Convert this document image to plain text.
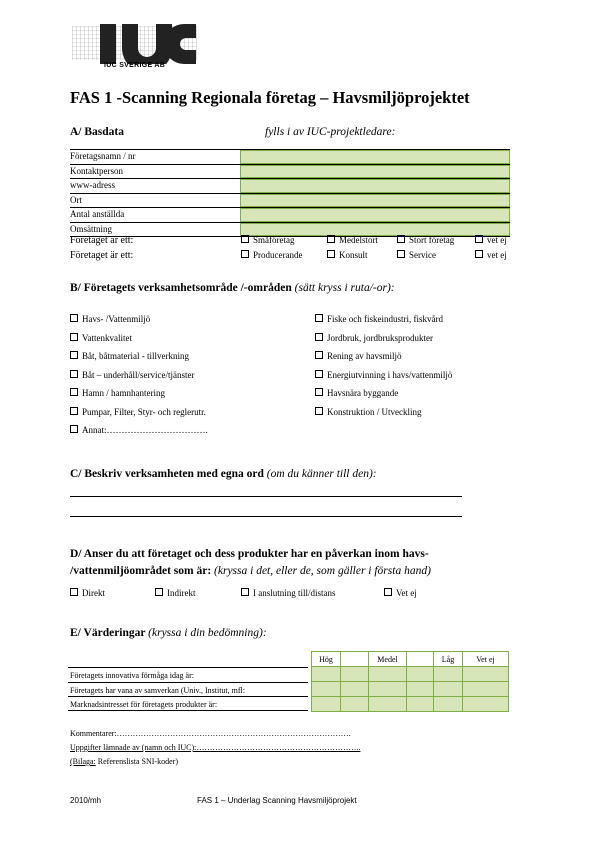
IUC SVERIGE AB
FAS 1 -Scanning Regionala företag – Havsmiljöprojektet
A/ Basdata	fylls i av IUC-projektledare:
Företagsnamn / nr
Kontaktperson
www-adress
Ort
Antal anställda
Omsättning
Företaget är ett:
Företaget är ett:
Småföretag	Medelstort	Stort företag	vet ej
Producerande	Konsult	Service	vet ej
B/ Företagets verksamhetsområde /-områden (sätt kryss i ruta/-or):
Havs- /Vattenmiljö
Vattenkvalitet
Båt, båtmaterial - tillverkning
Båt – underhåll/service/tjänster
Hamn / hamnhantering
Pumpar, Filter, Styr- och reglerutr.
Annat:…………………………….
Fiske och fiskeindustri, fiskvård
Jordbruk, jordbruksprodukter
Rening av havsmiljö
Energiutvinning i havs/vattenmiljö
Havsnära byggande
Konstruktion / Utveckling
C/ Beskriv verksamheten med egna ord (om du känner till den):
D/ Anser du att företaget och dess produkter har en påverkan inom havs-
/vattenmiljöområdet som är: (kryssa i det, eller de, som gäller i första hand)
Direkt	Indirekt	I anslutning till/distans	Vet ej
E/ Värderingar (kryssa i din bedömning):
Företagets innovativa förmåga idag är:
Företagets har vana av samverkan (Univ., Institut, mfl:
Marknadsintresset för företagets produkter är:
Hög		Medel		Låg	Vet ej

Kommentarer:…………………………………………………………………………….
Uppgifter lämnade av (namn och IUC):……………………………………………………..
(Bilaga: Referenslista SNI-koder)
2010/mh	FAS 1 – Underlag Scanning Havsmiljöprojekt
